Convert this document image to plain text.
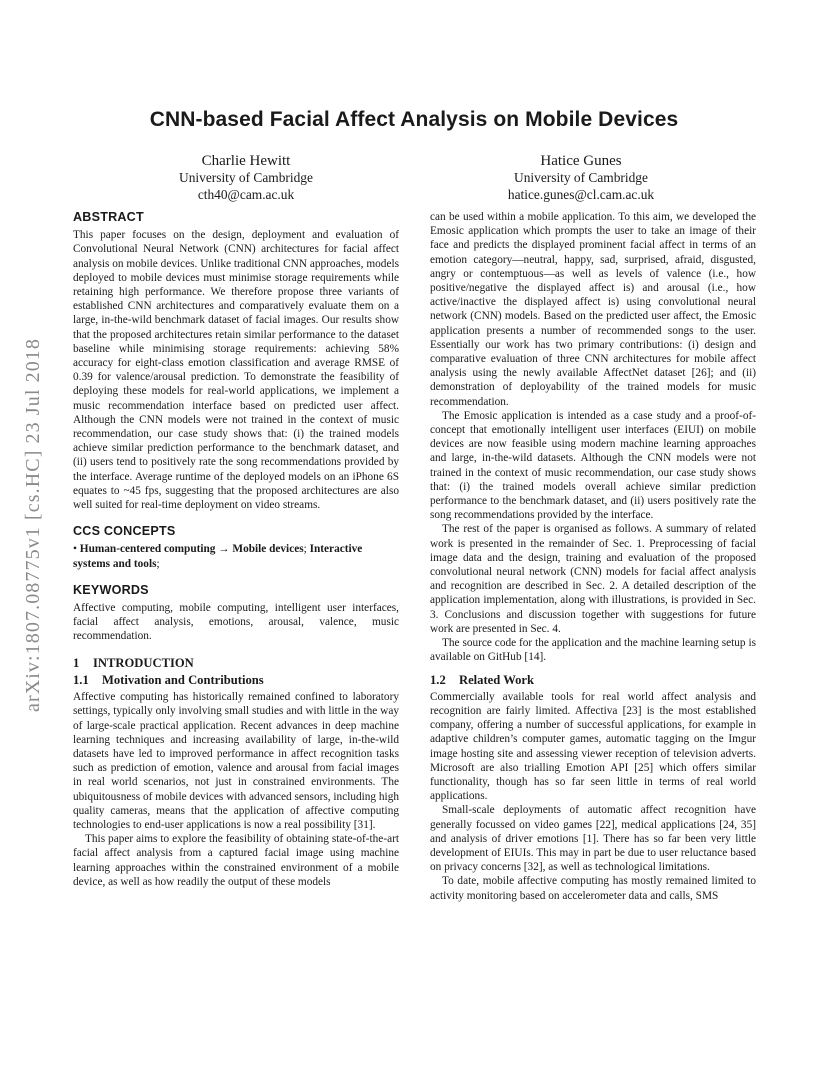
arXiv:1807.08775v1 [cs.HC] 23 Jul 2018
CNN-based Facial Affect Analysis on Mobile Devices
Charlie Hewitt
University of Cambridge
cth40@cam.ac.uk
Hatice Gunes
University of Cambridge
hatice.gunes@cl.cam.ac.uk
ABSTRACT

This paper focuses on the design, deployment and evaluation of Convolutional Neural Network (CNN) architectures for facial affect analysis on mobile devices. Unlike traditional CNN approaches, models deployed to mobile devices must minimise storage requirements while retaining high performance. We therefore propose three variants of established CNN architectures and comparatively evaluate them on a large, in-the-wild benchmark dataset of facial images. Our results show that the proposed architectures retain similar performance to the dataset baseline while minimising storage requirements: achieving 58% accuracy for eight-class emotion classification and average RMSE of 0.39 for valence/arousal prediction. To demonstrate the feasibility of deploying these models for real-world applications, we implement a music recommendation interface based on predicted user affect. Although the CNN models were not trained in the context of music recommendation, our case study shows that: (i) the trained models achieve similar prediction performance to the benchmark dataset, and (ii) users tend to positively rate the song recommendations provided by the interface. Average runtime of the deployed models on an iPhone 6S equates to ~45 fps, suggesting that the proposed architectures are also well suited for real-time deployment on video streams.

CCS CONCEPTS

• Human-centered computing → Mobile devices; Interactive systems and tools;

KEYWORDS

Affective computing, mobile computing, intelligent user interfaces, facial affect analysis, emotions, arousal, valence, music recommendation.

1 INTRODUCTION
1.1 Motivation and Contributions

Affective computing has historically remained confined to laboratory settings, typically only involving small studies and with little in the way of large-scale practical application. Recent advances in deep machine learning techniques and increasing availability of large, in-the-wild datasets have led to improved performance in affect recognition tasks such as prediction of emotion, valence and arousal from facial images in real world scenarios, not just in constrained environments. The ubiquitousness of mobile devices with advanced sensors, including high quality cameras, means that the application of affective computing technologies to end-user applications is now a real possibility [31].

This paper aims to explore the feasibility of obtaining state-of-the-art facial affect analysis from a captured facial image using machine learning approaches within the constrained environment of a mobile device, as well as how readily the output of these models

can be used within a mobile application. To this aim, we developed the Emosic application which prompts the user to take an image of their face and predicts the displayed prominent facial affect in terms of an emotion category—neutral, happy, sad, surprised, afraid, disgusted, angry or contemptuous—as well as levels of valence (i.e., how positive/negative the displayed affect is) and arousal (i.e., how active/inactive the displayed affect is) using convolutional neural network (CNN) models. Based on the predicted user affect, the Emosic application presents a number of recommended songs to the user. Essentially our work has two primary contributions: (i) design and comparative evaluation of three CNN architectures for mobile affect analysis using the newly available AffectNet dataset [26]; and (ii) demonstration of deployability of the trained models for music recommendation.

The Emosic application is intended as a case study and a proof-of-concept that emotionally intelligent user interfaces (EIUI) on mobile devices are now feasible using modern machine learning approaches and large, in-the-wild datasets. Although the CNN models were not trained in the context of music recommendation, our case study shows that: (i) the trained models overall achieve similar prediction performance to the benchmark dataset, and (ii) users positively rate the song recommendations provided by the interface.

The rest of the paper is organised as follows. A summary of related work is presented in the remainder of Sec. 1. Preprocessing of facial image data and the design, training and evaluation of the proposed convolutional neural network (CNN) models for facial affect analysis and recognition are described in Sec. 2. A detailed description of the application implementation, along with illustrations, is provided in Sec. 3. Conclusions and discussion together with suggestions for future work are presented in Sec. 4.

The source code for the application and the machine learning setup is available on GitHub [14].

1.2 Related Work

Commercially available tools for real world affect analysis and recognition are fairly limited. Affectiva [23] is the most established company, offering a number of successful applications, for example in adaptive children’s computer games, automatic tagging on the Imgur image hosting site and assessing viewer reception of television adverts. Microsoft are also trialling Emotion API [25] which offers similar functionality, though has so far seen little in terms of real world applications.

Small-scale deployments of automatic affect recognition have generally focussed on video games [22], medical applications [24, 35] and analysis of driver emotions [1]. There has so far been very little development of EIUIs. This may in part be due to user reluctance based on privacy concerns [32], as well as technological limitations.

To date, mobile affective computing has mostly remained limited to activity monitoring based on accelerometer data and calls, SMS
